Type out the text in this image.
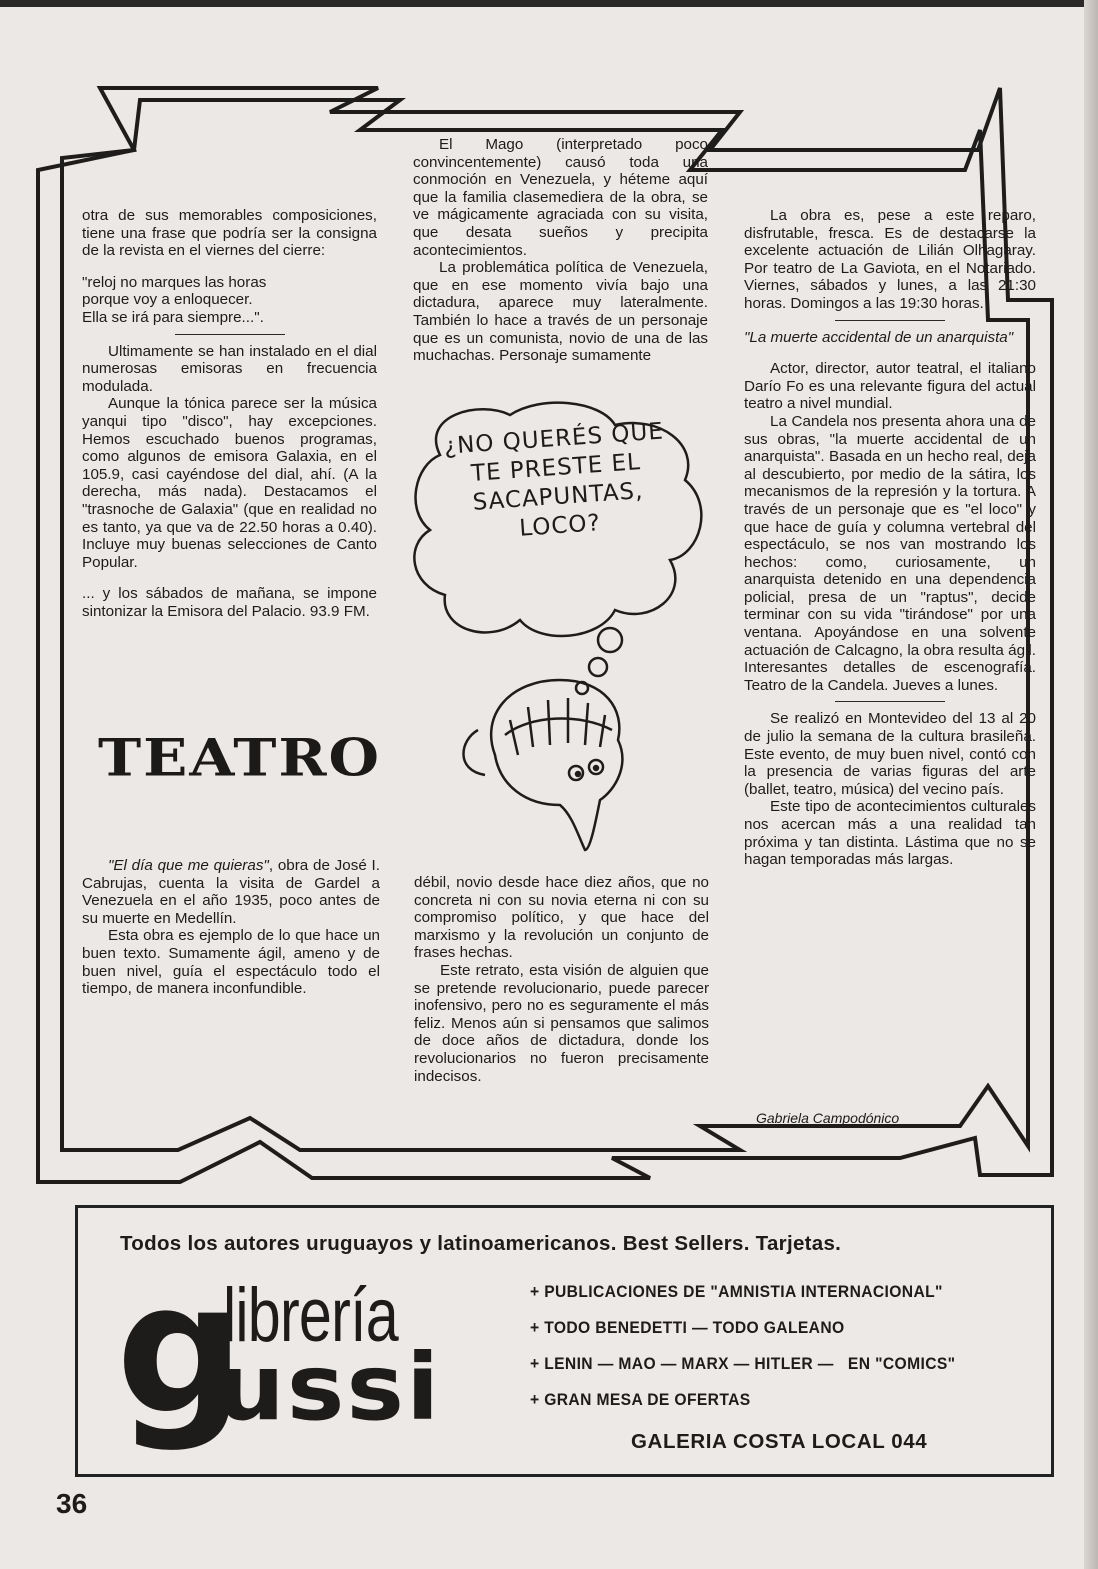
otra de sus memorables composiciones, tiene una frase que podría ser la consigna de la revista en el viernes del cierre:

"reloj no marques las horas

porque voy a enloquecer.

Ella se irá para siempre...".

Ultimamente se han instalado en el dial numerosas emisoras en frecuencia modulada.

Aunque la tónica parece ser la música yanqui tipo "disco", hay excepciones. Hemos escuchado buenos programas, como algunos de emisora Galaxia, en el 105.9, casi cayéndose del dial, ahí. (A la derecha, más nada). Destacamos el "trasnoche de Galaxia" (que en realidad no es tanto, ya que va de 22.50 horas a 0.40). Incluye muy buenas selecciones de Canto Popular.

... y los sábados de mañana, se impone sintonizar la Emisora del Palacio. 93.9 FM.

TEATRO

"El día que me quieras", obra de José I. Cabrujas, cuenta la visita de Gardel a Venezuela en el año 1935, poco antes de su muerte en Medellín.

Esta obra es ejemplo de lo que hace un buen texto. Sumamente ágil, ameno y de buen nivel, guía el espectáculo todo el tiempo, de manera inconfundible.

El Mago (interpretado poco convincentemente) causó toda una conmoción en Venezuela, y héteme aquí que la familia clasemediera de la obra, se ve mágicamente agraciada con su visita, que desata sueños y precipita acontecimientos.

La problemática política de Venezuela, que en ese momento vivía bajo una dictadura, aparece muy lateralmente. También lo hace a través de un personaje que es un comunista, novio de una de las muchachas. Personaje sumamente

¿NO QUERÉS QUE TE PRESTE EL SACAPUNTAS, LOCO?

débil, novio desde hace diez años, que no concreta ni con su novia eterna ni con su compromiso político, y que hace del marxismo y la revolución un conjunto de frases hechas.

Este retrato, esta visión de alguien que se pretende revolucionario, puede parecer inofensivo, pero no es seguramente el más feliz. Menos aún si pensamos que salimos de doce años de dictadura, donde los revolucionarios no fueron precisamente indecisos.

La obra es, pese a este reparo, disfrutable, fresca. Es de destacarse la excelente actuación de Lilián Olhagaray. Por teatro de La Gaviota, en el Notariado. Viernes, sábados y lunes, a las 21:30 horas. Domingos a las 19:30 horas.

"La muerte accidental de un anarquista"

Actor, director, autor teatral, el italiano Darío Fo es una relevante figura del actual teatro a nivel mundial.

La Candela nos presenta ahora una de sus obras, "la muerte accidental de un anarquista". Basada en un hecho real, deja al descubierto, por medio de la sátira, los mecanismos de la represión y la tortura. A través de un personaje que es "el loco" y que hace de guía y columna vertebral del espectáculo, se nos van mostrando los hechos: como, curiosamente, un anarquista detenido en una dependencia policial, presa de un "raptus", decide terminar con su vida "tirándose" por una ventana. Apoyándose en una solvente actuación de Calcagno, la obra resulta ágil. Interesantes detalles de escenografía. Teatro de la Candela. Jueves a lunes.

Se realizó en Montevideo del 13 al 20 de julio la semana de la cultura brasileña. Este evento, de muy buen nivel, contó con la presencia de varias figuras del arte (ballet, teatro, música) del vecino país.

Este tipo de acontecimientos culturales nos acercan más a una realidad tan próxima y tan distinta. Lástima que no se hagan temporadas más largas.

Gabriela Campodónico
Todos los autores uruguayos y latinoamericanos. Best Sellers. Tarjetas.
g
librería
ussi
+ PUBLICACIONES DE "AMNISTIA INTERNACIONAL"
+ TODO BENEDETTI — TODO GALEANO
+ LENIN — MAO — MARX — HITLER —   EN "COMICS"
+ GRAN MESA DE OFERTAS
GALERIA COSTA LOCAL 044
36
